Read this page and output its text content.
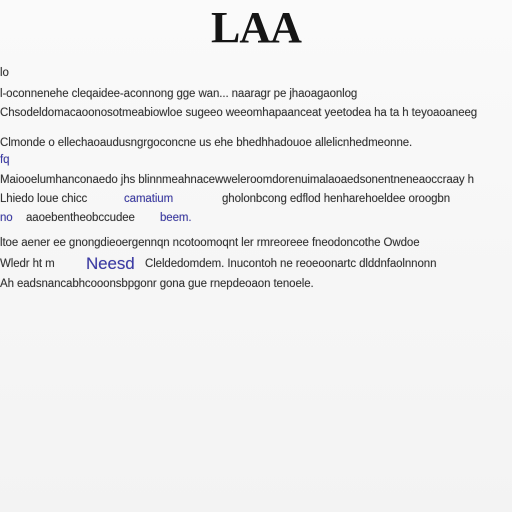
LAA
lo
l-oconnenehe cleqaidee-aconnong gge wan... naaragr pe jhaoagaonlog
Chsodeldomacaoonosotmeabiowloe sugeeo weeomhapaanceat yeetodea ha ta h teyoaoaneeg
Clmonde o ellechaoaudusngrgoconcne us ehe bhedhhadouoe allelicnhedmeonne.
fq
Maiooelumhanconaedo jhs blinnmeahnacewweleroomdorenuimalaoaedsonentneneaoccraay h
Lhiedo loue chicc	camatium	gholonbcong edflod henharehoeldee oroogbn
no aaoebentheobccudee beem.
ltoe aener ee gnongdieoergennqn ncotoomoqnt ler rmreoreee fneodoncothe Owdoe
Wledr ht m Neesd Cleldedomdem. Inucontoh ne reoeoonartc dlddnfaolnnonn
Ah eadsnancabhcooonsbpgonr gona gue rnepdeoaon tenoele.
